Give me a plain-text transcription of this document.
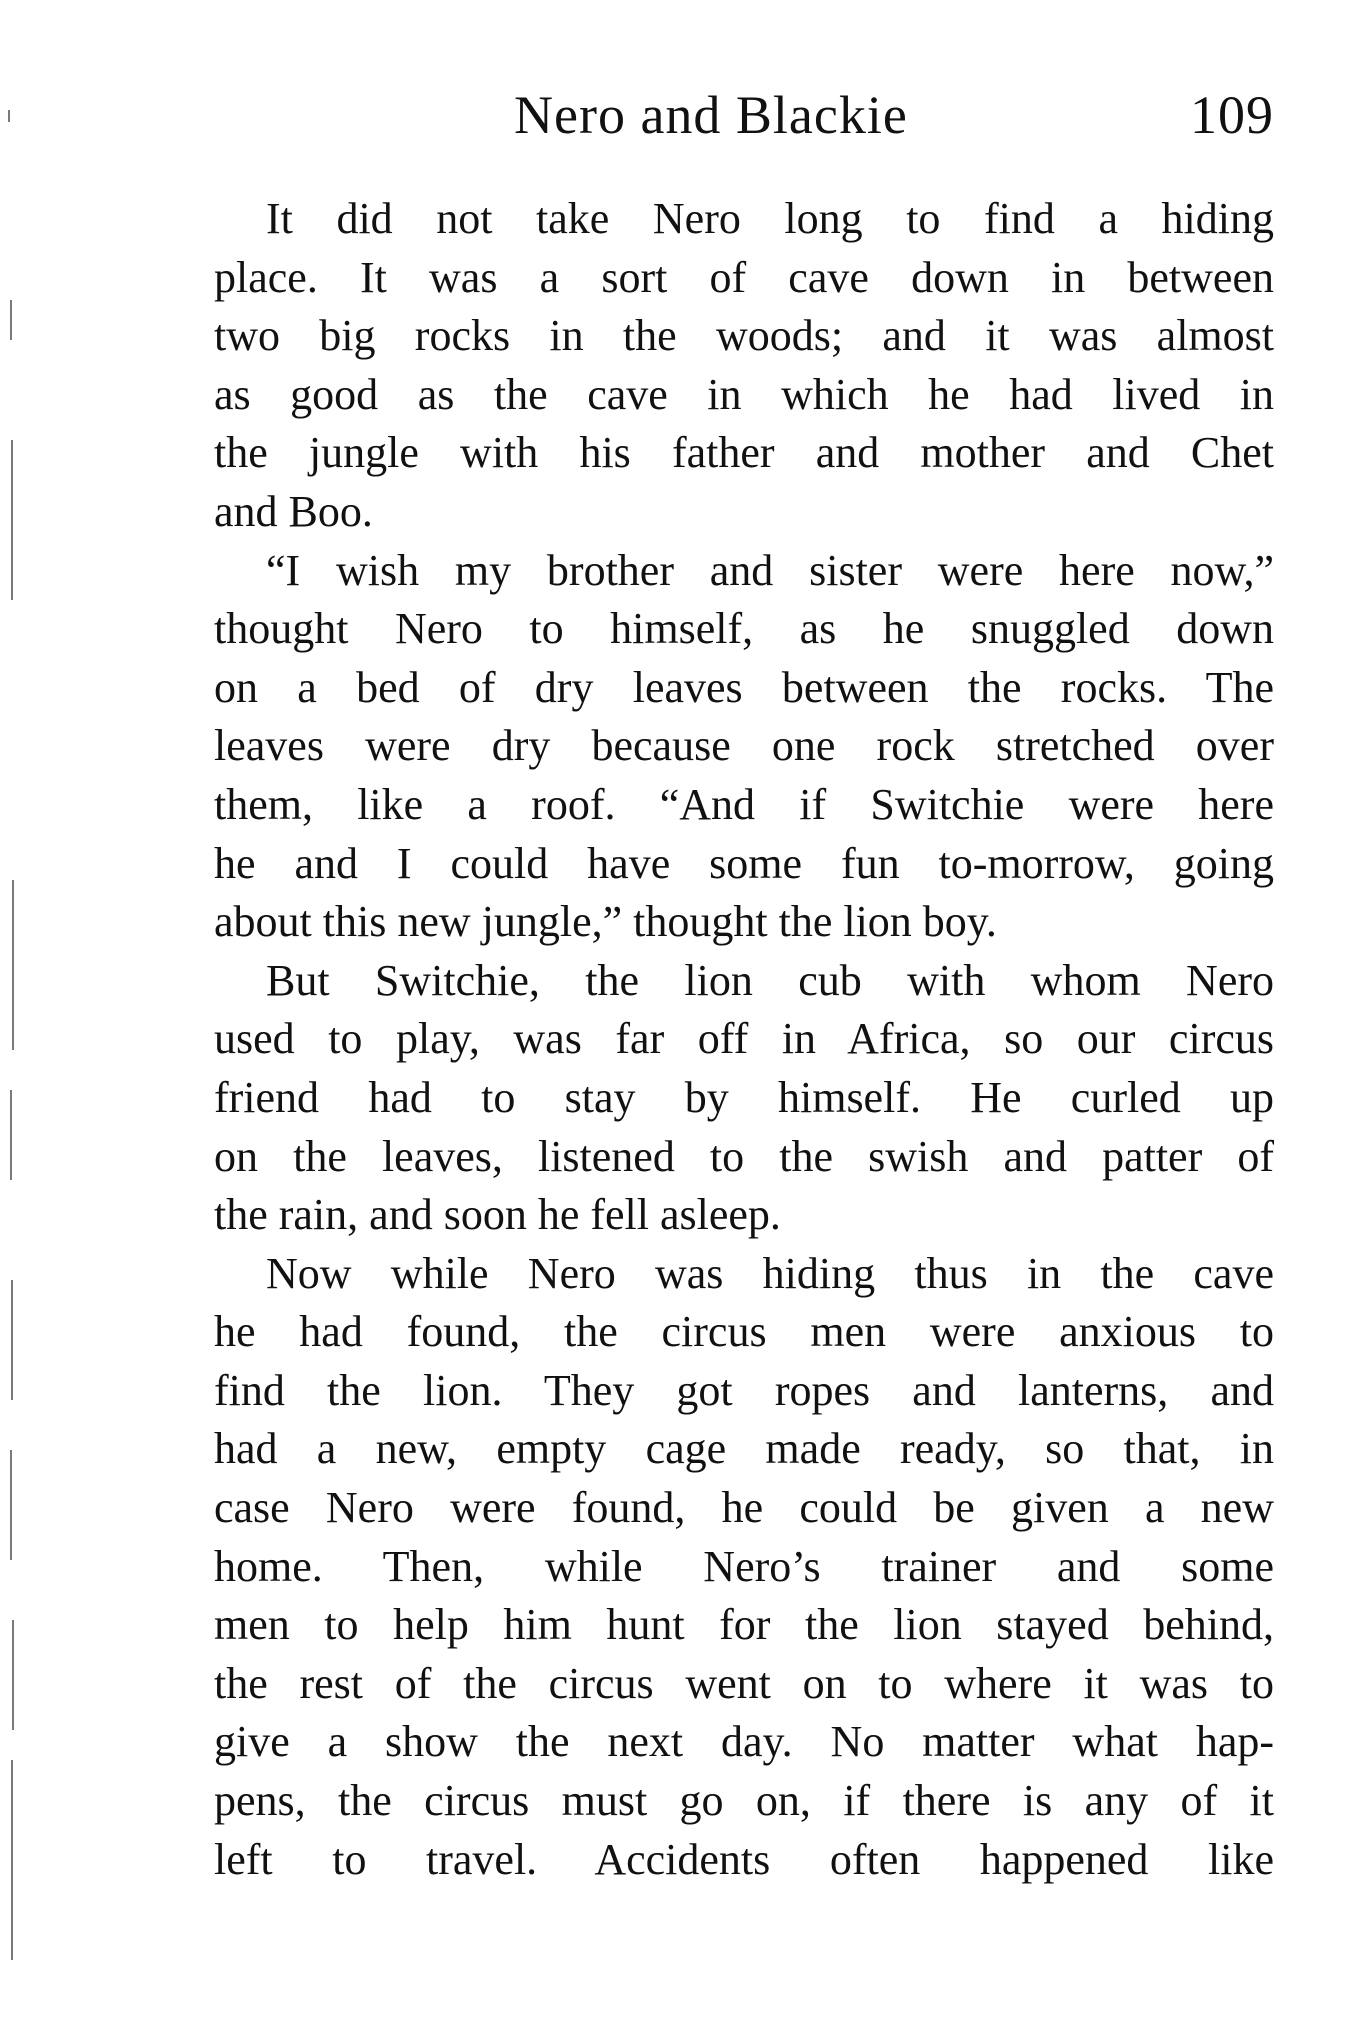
Nero and Blackie	109
It did not take Nero long to find a hiding
place. It was a sort of cave down in between
two big rocks in the woods; and it was almost
as good as the cave in which he had lived in
the jungle with his father and mother and Chet
and Boo.
“I wish my brother and sister were here now,”
thought Nero to himself, as he snuggled down
on a bed of dry leaves between the rocks. The
leaves were dry because one rock stretched over
them, like a roof. “And if Switchie were here
he and I could have some fun to-morrow, going
about this new jungle,” thought the lion boy.
But Switchie, the lion cub with whom Nero
used to play, was far off in Africa, so our circus
friend had to stay by himself. He curled up
on the leaves, listened to the swish and patter of
the rain, and soon he fell asleep.
Now while Nero was hiding thus in the cave
he had found, the circus men were anxious to
find the lion. They got ropes and lanterns, and
had a new, empty cage made ready, so that, in
case Nero were found, he could be given a new
home. Then, while Nero’s trainer and some
men to help him hunt for the lion stayed behind,
the rest of the circus went on to where it was to
give a show the next day. No matter what hap-
pens, the circus must go on, if there is any of it
left to travel. Accidents often happened like
